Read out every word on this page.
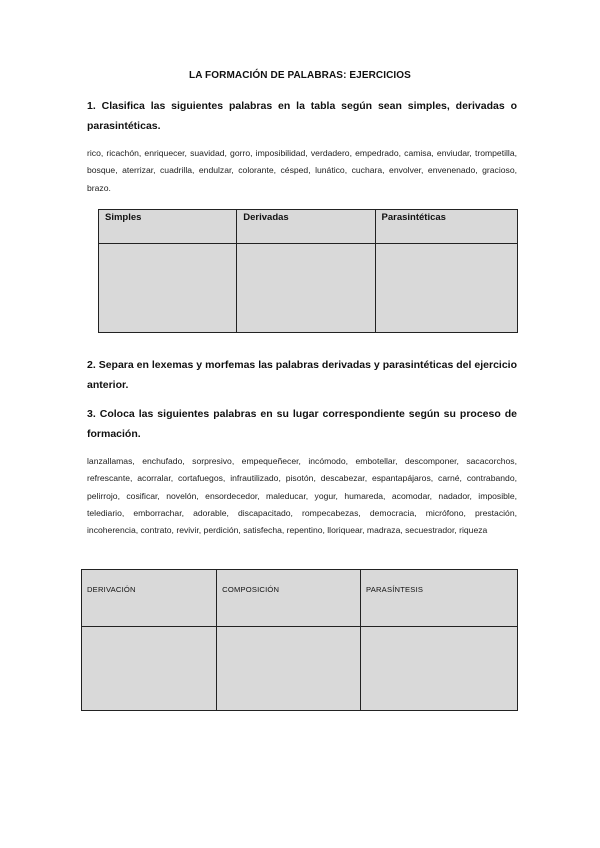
LA FORMACIÓN DE PALABRAS: EJERCICIOS
1. Clasifica las siguientes palabras en la tabla según sean simples, derivadas o parasintéticas.
rico, ricachón, enriquecer, suavidad, gorro, imposibilidad, verdadero, empedrado, camisa, enviudar, trompetilla, bosque, aterrizar, cuadrilla, endulzar, colorante, césped, lunático, cuchara, envolver, envenenado, gracioso, brazo.
Simples	Derivadas	Parasintéticas

2. Separa en lexemas y morfemas las palabras derivadas y parasintéticas del ejercicio anterior.
3. Coloca las siguientes palabras en su lugar correspondiente según su proceso de formación.
lanzallamas, enchufado, sorpresivo, empequeñecer, incómodo, embotellar, descomponer, sacacorchos, refrescante, acorralar, cortafuegos, infrautilizado, pisotón, descabezar, espantapájaros, carné, contrabando, pelirrojo, cosificar, novelón, ensordecedor, maleducar, yogur, humareda, acomodar, nadador, imposible, telediario, emborrachar, adorable, discapacitado, rompecabezas, democracia, micrófono, prestación, incoherencia, contrato, revivir, perdición, satisfecha, repentino, lloriquear, madraza, secuestrador, riqueza
DERIVACIÓN	COMPOSICIÓN	PARASÍNTESIS
